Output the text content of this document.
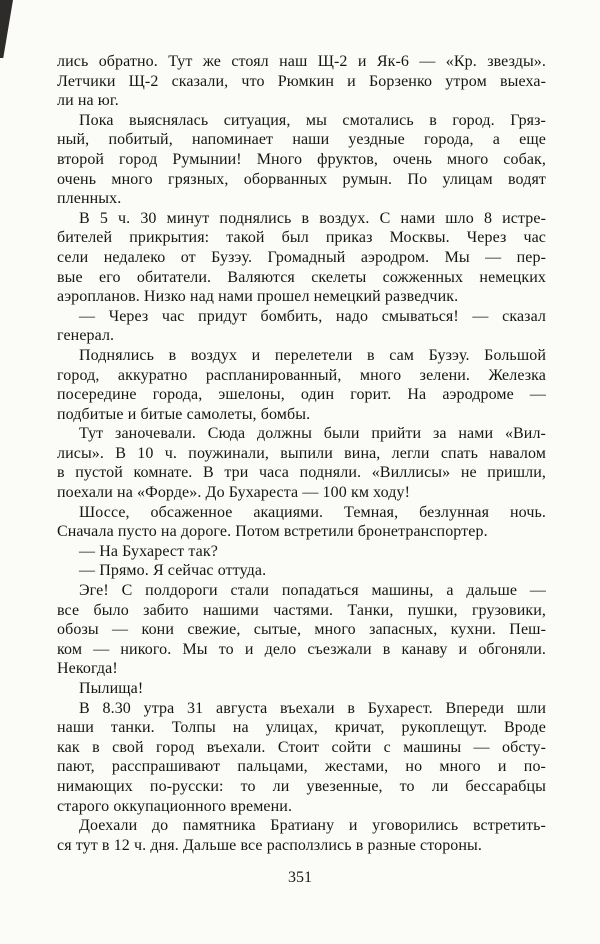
лись обратно. Тут же стоял наш Щ-2 и Як-6 — «Кр. звезды».
Летчики Щ-2 сказали, что Рюмкин и Борзенко утром выеха-
ли на юг.
Пока выяснялась ситуация, мы смотались в город. Гряз-
ный, побитый, напоминает наши уездные города, а еще
второй город Румынии! Много фруктов, очень много собак,
очень много грязных, оборванных румын. По улицам водят
пленных.
В 5 ч. 30 минут поднялись в воздух. С нами шло 8 истре-
бителей прикрытия: такой был приказ Москвы. Через час
сели недалеко от Бузэу. Громадный аэродром. Мы — пер-
вые его обитатели. Валяются скелеты сожженных немецких
аэропланов. Низко над нами прошел немецкий разведчик.
— Через час придут бомбить, надо смываться! — сказал
генерал.
Поднялись в воздух и перелетели в сам Бузэу. Большой
город, аккуратно распланированный, много зелени. Железка
посередине города, эшелоны, один горит. На аэродроме —
подбитые и битые самолеты, бомбы.
Тут заночевали. Сюда должны были прийти за нами «Вил-
лисы». В 10 ч. поужинали, выпили вина, легли спать навалом
в пустой комнате. В три часа подняли. «Виллисы» не пришли,
поехали на «Форде». До Бухареста — 100 км ходу!
Шоссе, обсаженное акациями. Темная, безлунная ночь.
Сначала пусто на дороге. Потом встретили бронетранспортер.
— На Бухарест так?
— Прямо. Я сейчас оттуда.
Эге! С полдороги стали попадаться машины, а дальше —
все было забито нашими частями. Танки, пушки, грузовики,
обозы — кони свежие, сытые, много запасных, кухни. Пеш-
ком — никого. Мы то и дело съезжали в канаву и обгоняли.
Некогда!
Пылища!
В 8.30 утра 31 августа въехали в Бухарест. Впереди шли
наши танки. Толпы на улицах, кричат, рукоплещут. Вроде
как в свой город въехали. Стоит сойти с машины — обсту-
пают, расспрашивают пальцами, жестами, но много и по-
нимающих по-русски: то ли увезенные, то ли бессарабцы
старого оккупационного времени.
Доехали до памятника Братиану и уговорились встретить-
ся тут в 12 ч. дня. Дальше все расползлись в разные стороны.
351
